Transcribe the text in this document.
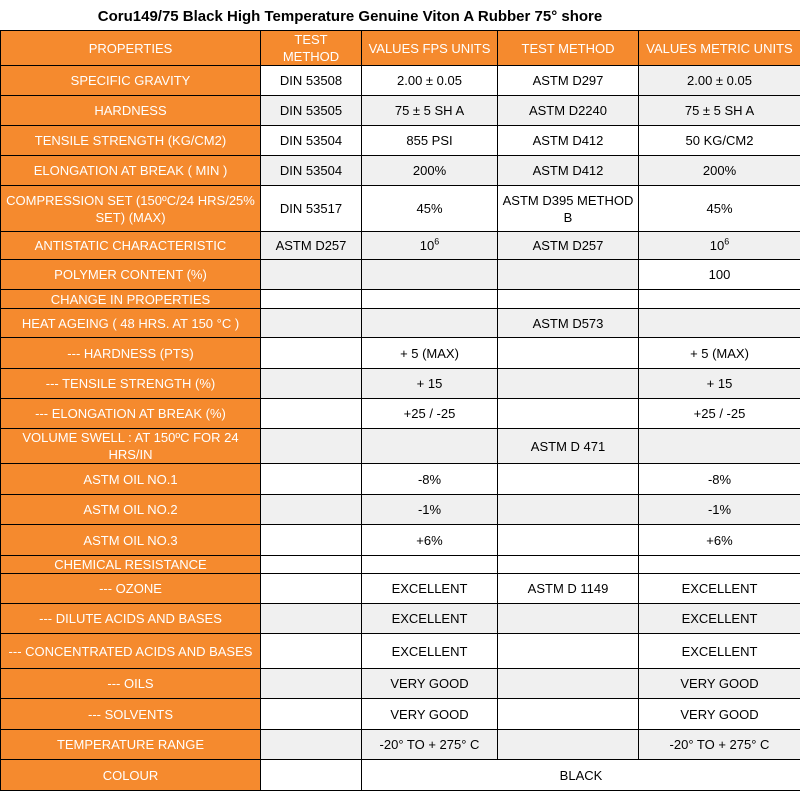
Coru149/75 Black High Temperature Genuine Viton A Rubber 75° shore
PROPERTIES	TEST METHOD	VALUES FPS UNITS	TEST METHOD	VALUES METRIC UNITS
SPECIFIC GRAVITY	DIN 53508	2.00 ± 0.05	ASTM D297	2.00 ± 0.05
HARDNESS	DIN 53505	75 ± 5 SH A	ASTM D2240	75 ± 5 SH A
TENSILE STRENGTH (KG/CM2)	DIN 53504	855 PSI	ASTM D412	50 KG/CM2
ELONGATION AT BREAK ( MIN )	DIN 53504	200%	ASTM D412	200%
COMPRESSION SET (150ºC/24 HRS/25% SET) (MAX)	DIN 53517	45%	ASTM D395 METHOD B	45%
ANTISTATIC CHARACTERISTIC	ASTM D257	$10^6$	ASTM D257	$10^6$
POLYMER CONTENT (%)				100
CHANGE IN PROPERTIES				
HEAT AGEING ( 48 HRS. AT 150 °C )			ASTM D573	
--- HARDNESS (PTS)		+ 5 (MAX)		+ 5 (MAX)
--- TENSILE STRENGTH (%)		+ 15		+ 15
--- ELONGATION AT BREAK (%)		+25 / -25		+25 / -25
VOLUME SWELL : AT 150ºC FOR 24 HRS/IN			ASTM D 471	
ASTM OIL NO.1		-8%		-8%
ASTM OIL NO.2		-1%		-1%
ASTM OIL NO.3		+6%		+6%
CHEMICAL RESISTANCE				
--- OZONE		EXCELLENT	ASTM D 1149	EXCELLENT
--- DILUTE ACIDS AND BASES		EXCELLENT		EXCELLENT
--- CONCENTRATED ACIDS AND BASES		EXCELLENT		EXCELLENT
--- OILS		VERY GOOD		VERY GOOD
--- SOLVENTS		VERY GOOD		VERY GOOD
TEMPERATURE RANGE		-20° TO + 275° C		-20° TO + 275° C
COLOUR		BLACK		
